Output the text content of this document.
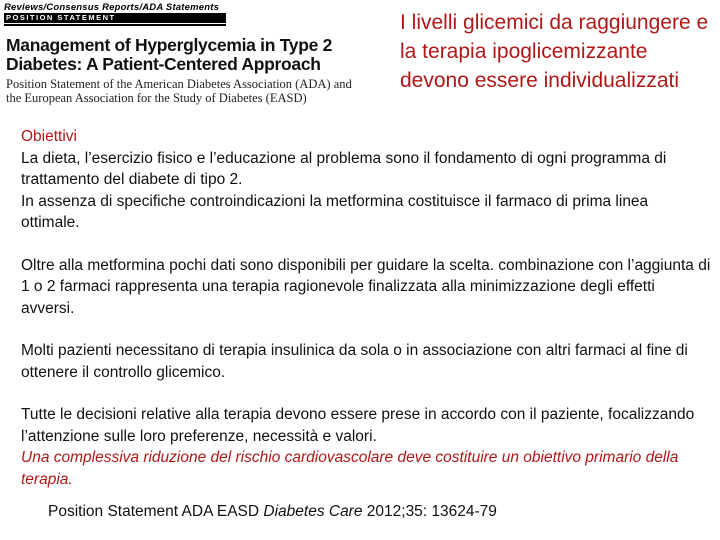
Reviews/Consensus Reports/ADA Statements
POSITION STATEMENT
Management of Hyperglycemia in Type 2
Diabetes: A Patient-Centered Approach
Position Statement of the American Diabetes Association (ADA) and
the European Association for the Study of Diabetes (EASD)
I livelli glicemici da raggiungere e la terapia ipoglicemizzante devono essere individualizzati

Obiettivi

La dieta, l’esercizio fisico e l’educazione al problema sono il fondamento di ogni programma di trattamento del diabete di tipo 2.

In assenza di specifiche controindicazioni la metformina costituisce il farmaco di prima linea ottimale.

Oltre alla metformina pochi dati sono disponibili per guidare la scelta. combinazione con l’aggiunta di 1 o 2 farmaci rappresenta una terapia ragionevole finalizzata alla minimizzazione degli effetti avversi.

Molti pazienti necessitano di terapia insulinica da sola o in associazione con altri farmaci al fine di ottenere il controllo glicemico.

Tutte le decisioni relative alla terapia devono essere prese in accordo con il paziente, focalizzando l’attenzione sulle loro preferenze, necessità e valori.

Una complessiva riduzione del rischio cardiovascolare deve costituire un obiettivo primario della terapia.

Position Statement ADA EASD Diabetes Care 2012;35: 13624-79
